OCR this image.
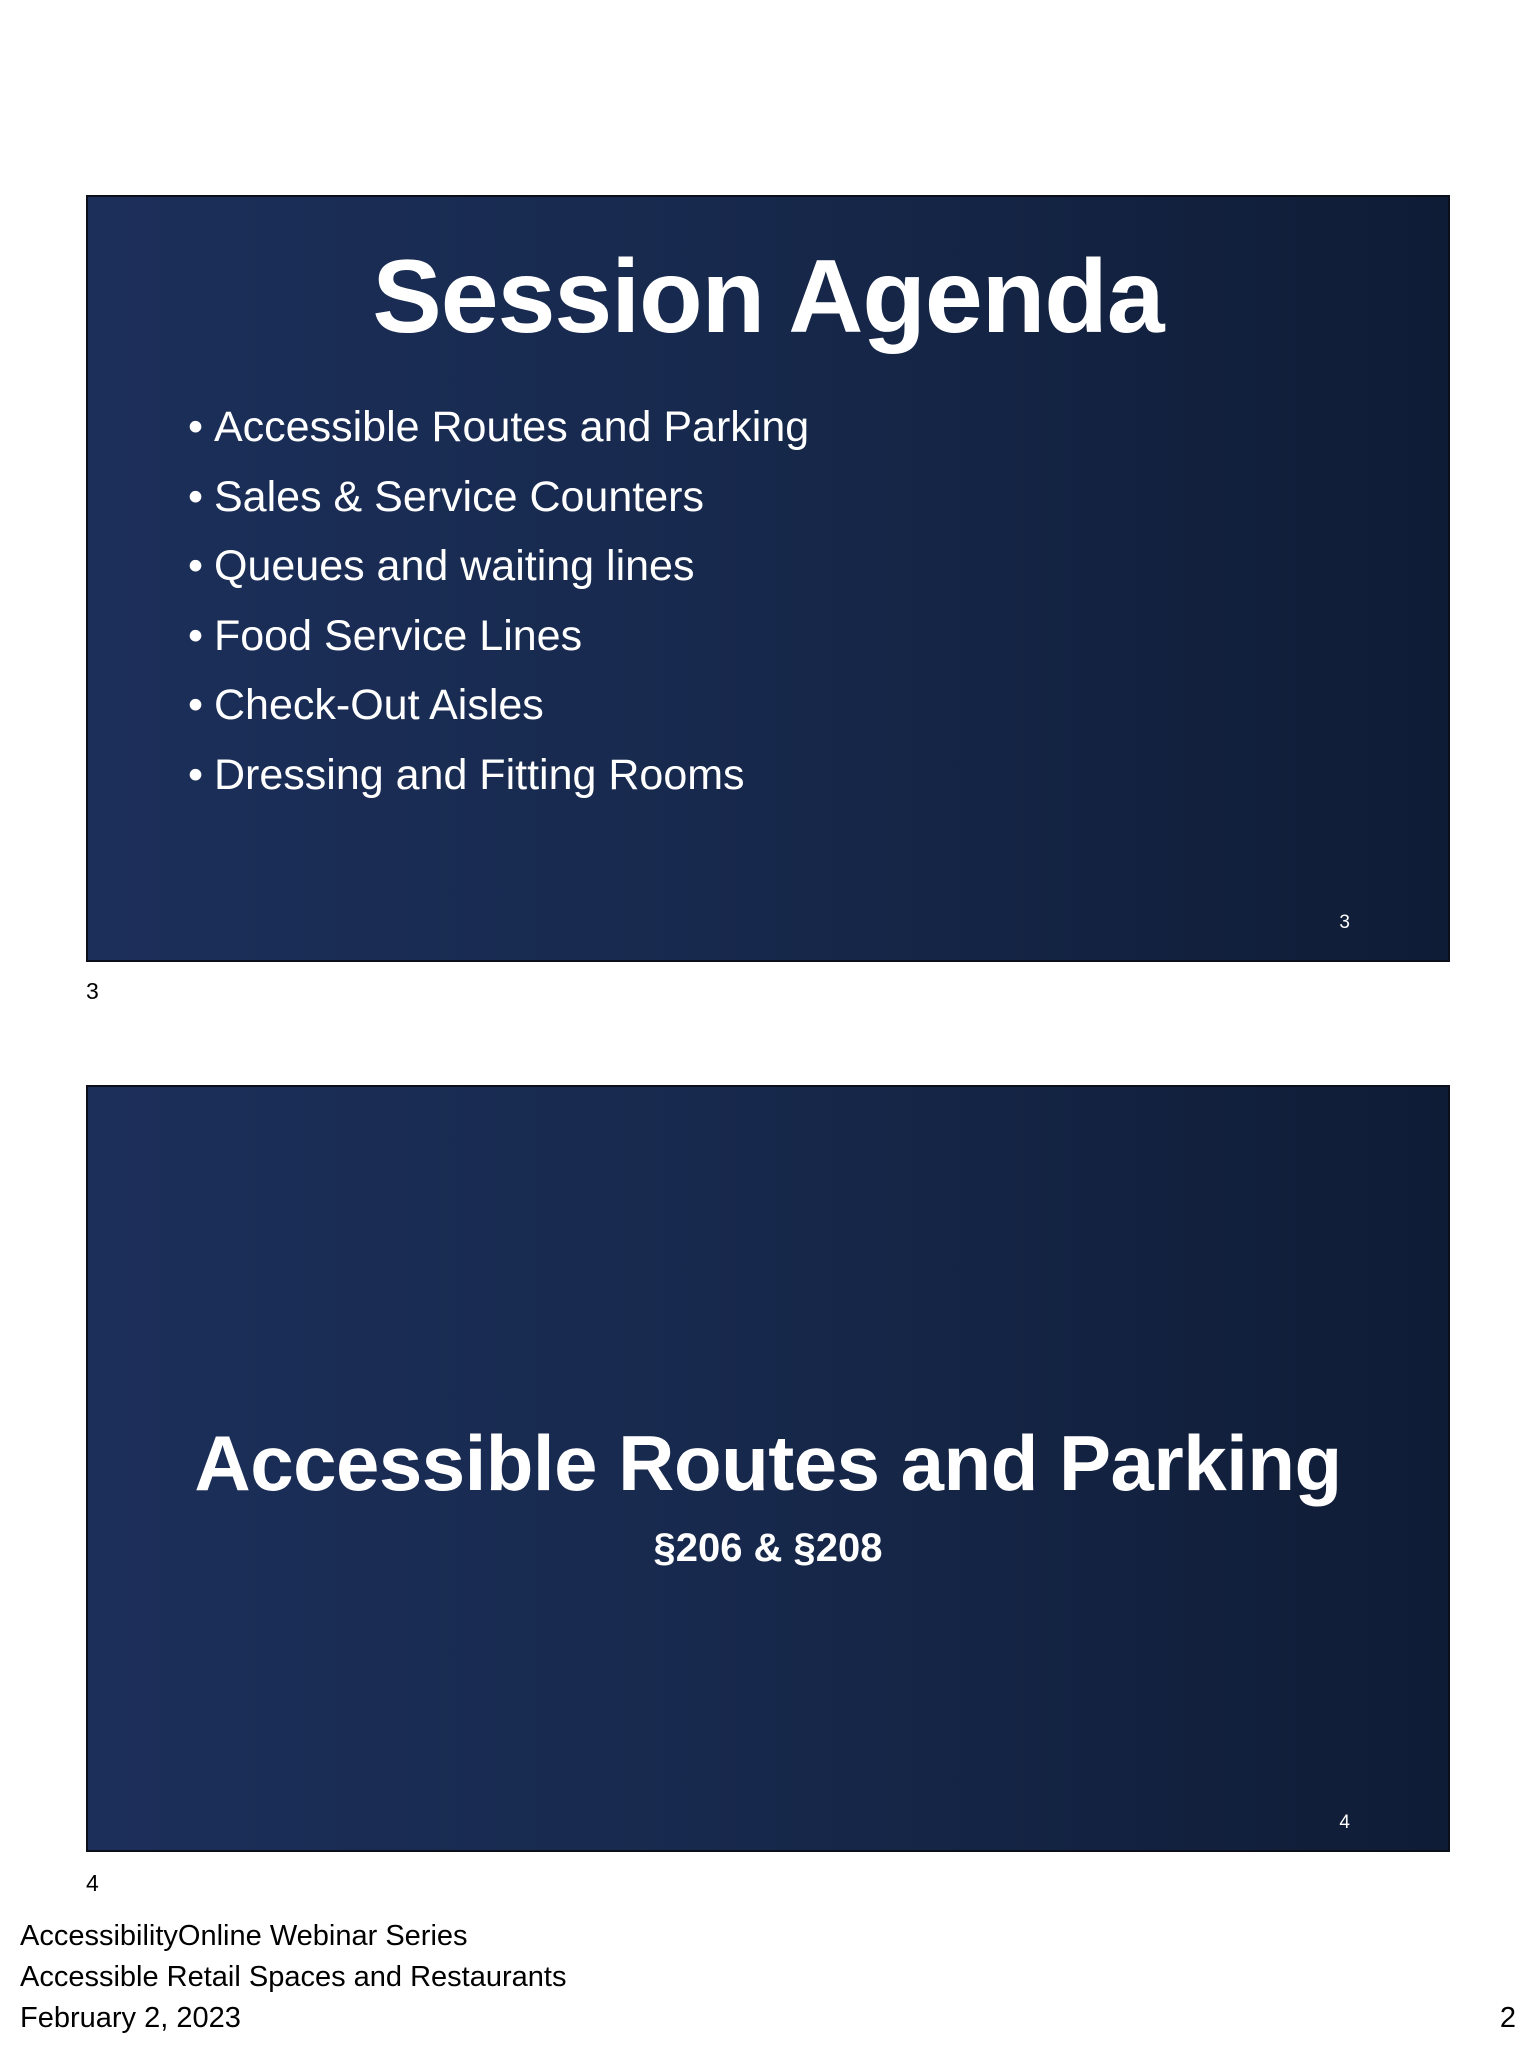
Session Agenda
• Accessible Routes and Parking
• Sales & Service Counters
• Queues and waiting lines
• Food Service Lines
• Check-Out Aisles
• Dressing and Fitting Rooms
3
3
Accessible Routes and Parking
§206 & §208
4
4
AccessibilityOnline Webinar Series
Accessible Retail Spaces and Restaurants
February 2, 2023	2
